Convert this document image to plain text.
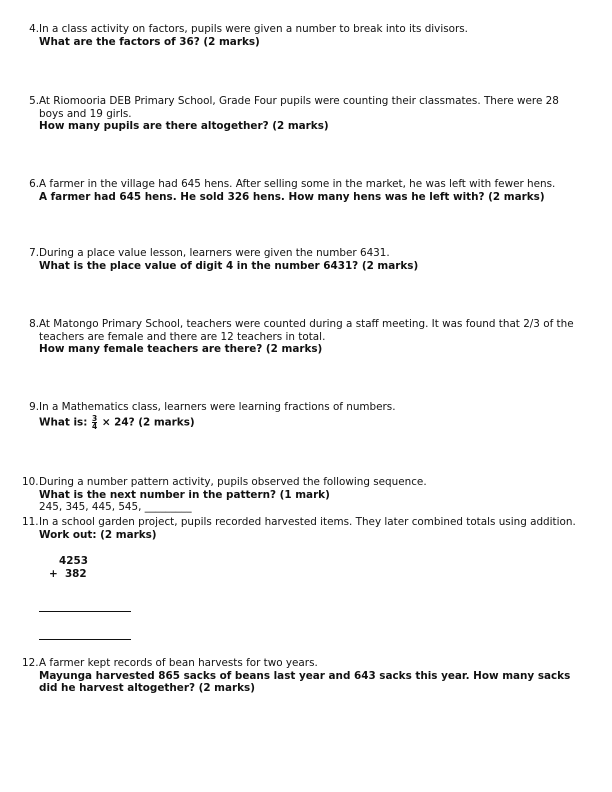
4. In a class activity on factors, pupils were given a number to break into its divisors.
What are the factors of 36? (2 marks)
5. At Riomooria DEB Primary School, Grade Four pupils were counting their classmates. There were 28 boys and 19 girls.
How many pupils are there altogether? (2 marks)
6. A farmer in the village had 645 hens. After selling some in the market, he was left with fewer hens.
A farmer had 645 hens. He sold 326 hens. How many hens was he left with? (2 marks)
7. During a place value lesson, learners were given the number 6431.
What is the place value of digit 4 in the number 6431? (2 marks)
8. At Matongo Primary School, teachers were counted during a staff meeting. It was found that 2/3 of the teachers are female and there are 12 teachers in total.
How many female teachers are there? (2 marks)
9. In a Mathematics class, learners were learning fractions of numbers.
What is: $\frac{3}{4} \times 24$? (2 marks)
10. During a number pattern activity, pupils observed the following sequence.
What is the next number in the pattern? (1 mark)
245, 345, 445, 545, _________
11. In a school garden project, pupils recorded harvested items. They later combined totals using addition.
Work out: (2 marks)
4253
+  382
12. A farmer kept records of bean harvests for two years.
Mayunga harvested 865 sacks of beans last year and 643 sacks this year. How many sacks did he harvest altogether? (2 marks)
